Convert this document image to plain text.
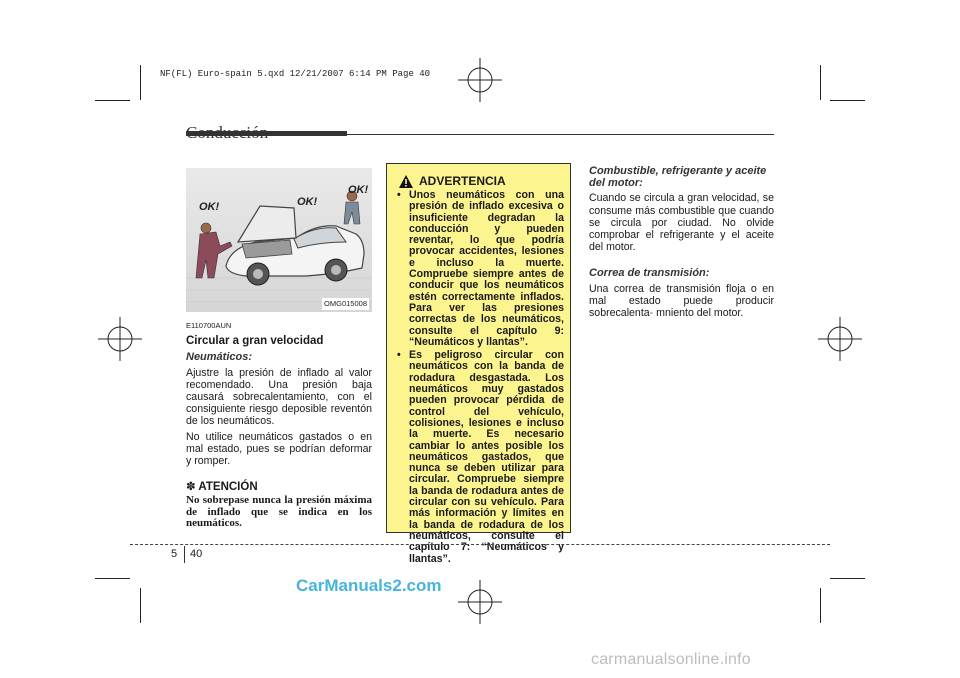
NF(FL) Euro-spain 5.qxd 12/21/2007 6:14 PM Page 40
OK!	OK!
OK!
OMG015008
E110700AUN
Circular a gran velocidad
Neumáticos:
Ajustre la presión de inflado al valor recomendado. Una presión baja causará sobrecalentamiento, con el consiguiente riesgo deposible reventón de los neumáticos.
No utilice neumáticos gastados o en mal estado, pues se podrían deformar y romper.
✽ ATENCIÓN
No sobrepase nunca la presión máxima de inflado que se indica en los neumáticos.
ADVERTENCIA
• Unos neumáticos con una presión de inflado excesiva o insuficiente degradan la conducción y pueden reventar, lo que podría provocar accidentes, lesiones e incluso la muerte. Compruebe siempre antes de conducir que los neumáticos estén correctamente inflados. Para ver las presiones correctas de los neumáticos, consulte el capítulo 9: “Neumáticos y llantas”.
• Es peligroso circular con neumáticos con la banda de rodadura desgastada. Los neumáticos muy gastados pueden provocar pérdida de control del vehículo, colisiones, lesiones e incluso la muerte. Es necesario cambiar lo antes posible los neumáticos gastados, que nunca se deben utilizar para circular. Compruebe siempre la banda de rodadura antes de circular con su vehículo. Para más información y límites en la banda de rodadura de los neumáticos, consulte el capítulo 7: “Neumáticos y llantas”.
Combustible, refrigerante y aceite del motor:
Cuando se circula a gran velocidad, se consume más combustible que cuando se circula por ciudad. No olvide comprobar el refrigerante y el aceite del motor.
Correa de transmisión:
Una correa de transmisión floja o en mal estado puede producir sobrecalenta- mniento del motor.
5 40
CarManuals2.com
carmanualsonline.info
